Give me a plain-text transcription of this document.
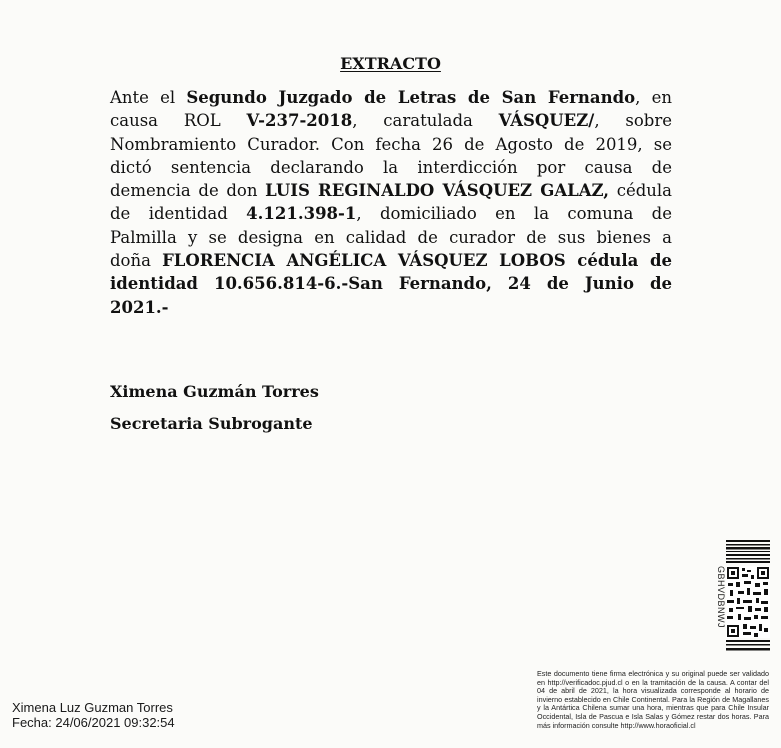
EXTRACTO
Ante el Segundo Juzgado de Letras de San Fernando, en
causa ROL V-237-2018, caratulada VÁSQUEZ/, sobre
Nombramiento Curador. Con fecha 26 de Agosto de 2019, se
dictó sentencia declarando la interdicción por causa de
demencia de don LUIS REGINALDO VÁSQUEZ GALAZ, cédula
de identidad 4.121.398-1, domiciliado en la comuna de
Palmilla y se designa en calidad de curador de sus bienes a
doña FLORENCIA ANGÉLICA VÁSQUEZ LOBOS cédula de
identidad 10.656.814-6.-San Fernando, 24 de Junio de
2021.-
Ximena Guzmán Torres
Secretaria Subrogante
Ximena Luz Guzman Torres
Fecha: 24/06/2021 09:32:54
GBHVDBNWJ
Este documento tiene firma electrónica y su original puede ser validado en http://verificadoc.pjud.cl o en la tramitación de la causa. A contar del 04 de abril de 2021, la hora visualizada corresponde al horario de invierno establecido en Chile Continental. Para la Región de Magallanes y la Antártica Chilena sumar una hora, mientras que para Chile Insular Occidental, Isla de Pascua e Isla Salas y Gómez restar dos horas. Para más información consulte http://www.horaoficial.cl
